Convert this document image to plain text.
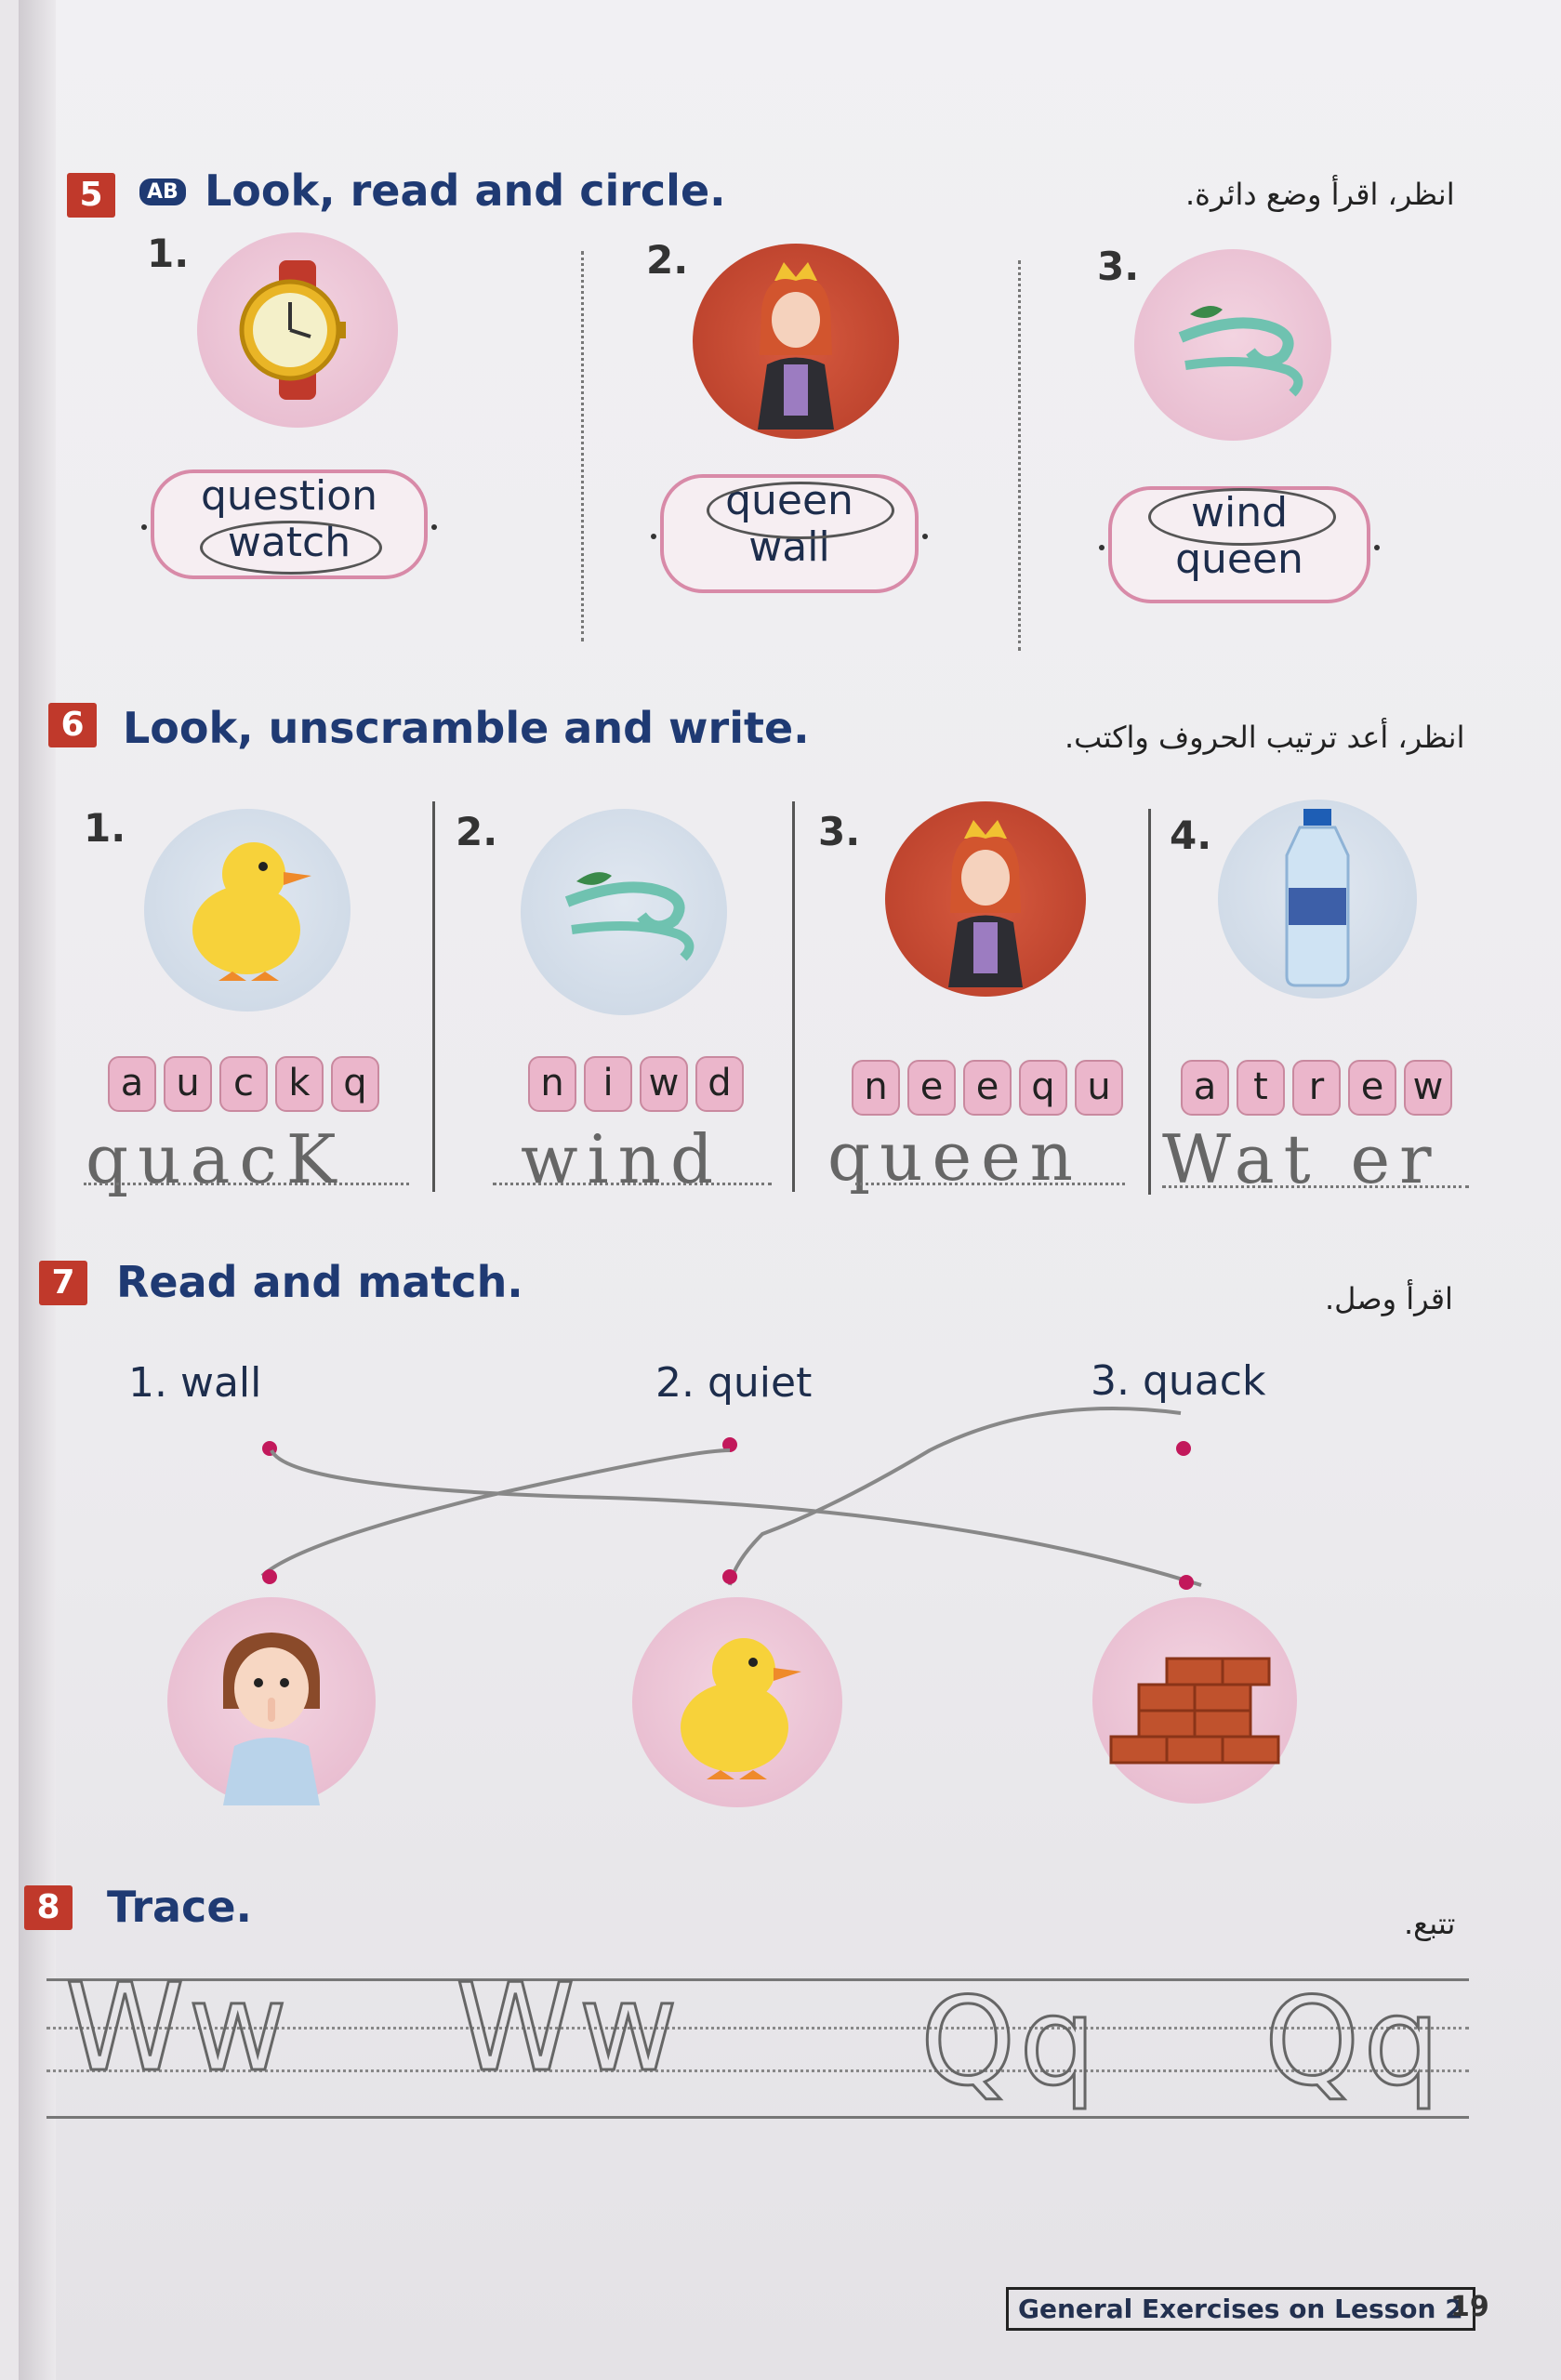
5	AB Look, read and circle.	انظر، اقرأ وضع دائرة.
1.
question
watch
2.
queen
wall
3.
wind
queen
6 Look, unscramble and write.	انظر، أعد ترتيب الحروف واكتب.
1.
a u c k q
quacK
2.
n	i w d
wind
3.
n e e q u
queen
4.
a t	r e w
Wat er
7 Read and match.	اقرأ وصل.
1. wall	2. quiet	3. quack
8 Trace.	تتبع.
Ww Ww Qq Qq
General Exercises on Lesson 2
19
